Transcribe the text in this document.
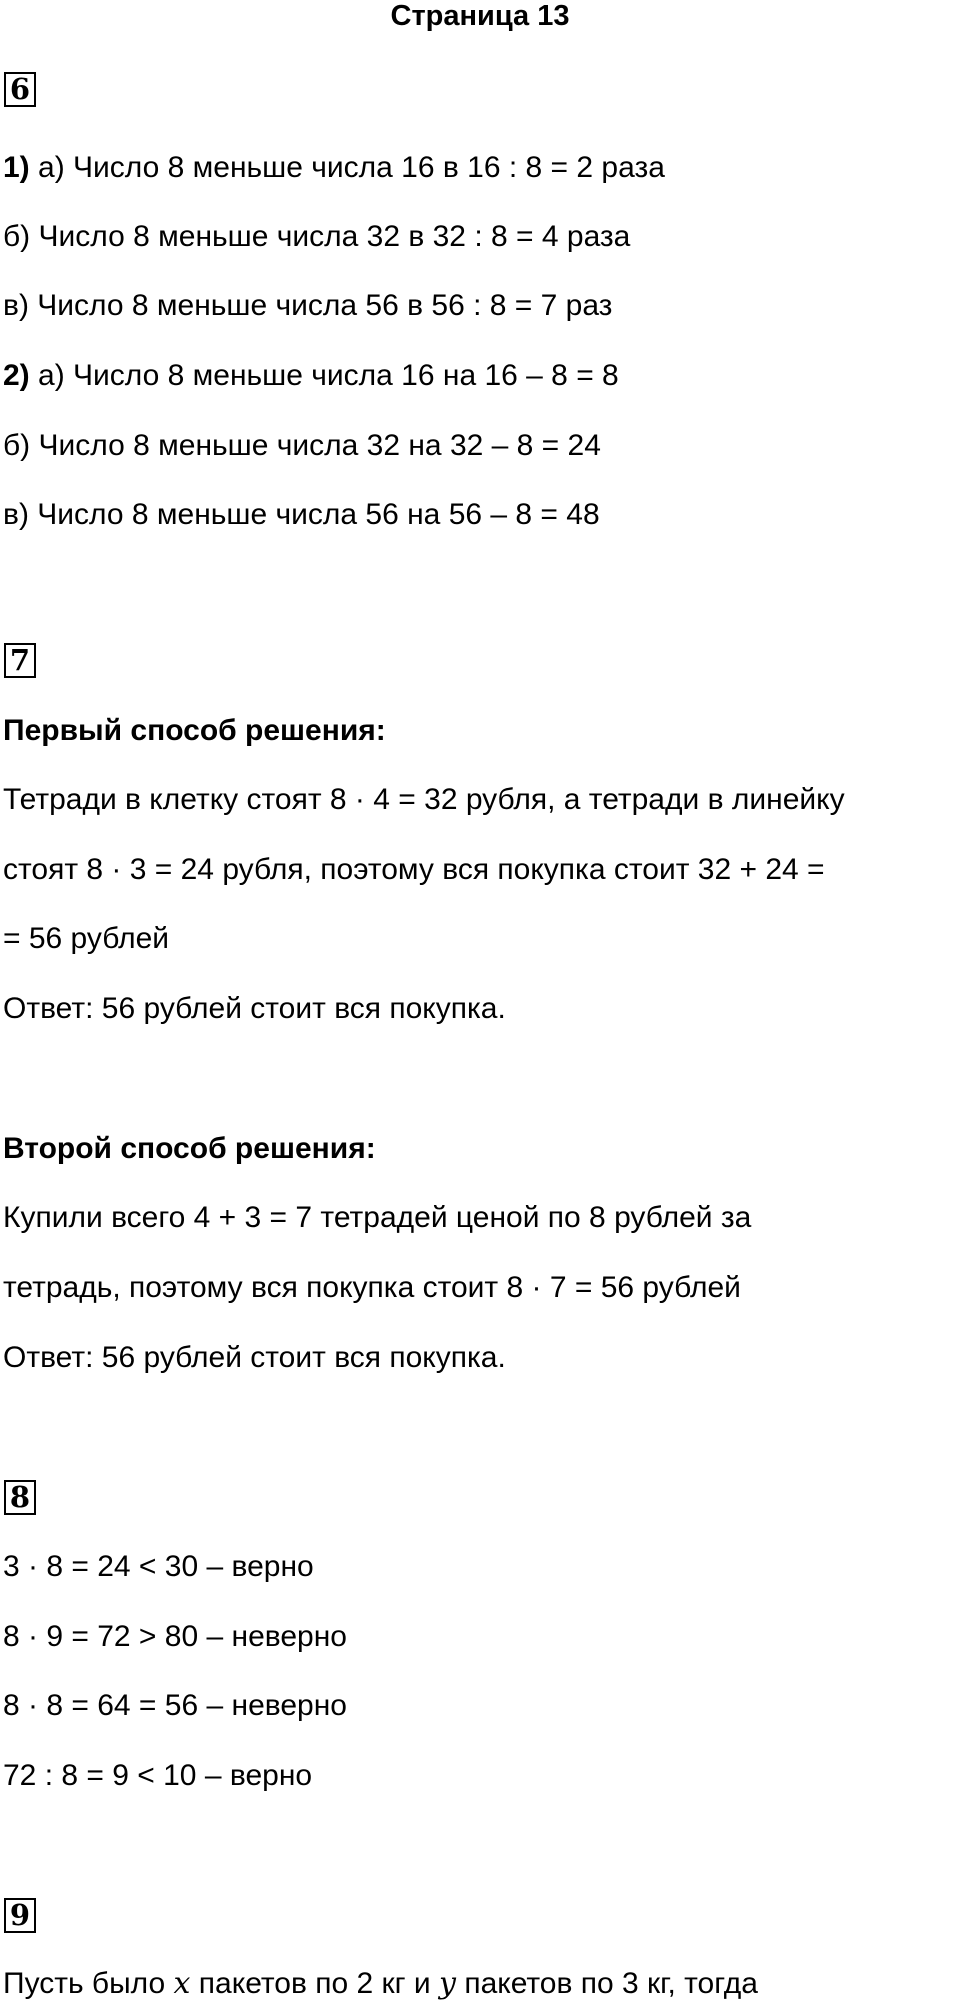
Страница 13
6
1) а) Число 8 меньше числа 16 в 16 : 8 = 2 раза
б) Число 8 меньше числа 32 в 32 : 8 = 4 раза
в) Число 8 меньше числа 56 в 56 : 8 = 7 раз
2) а) Число 8 меньше числа 16 на 16 – 8 = 8
б) Число 8 меньше числа 32 на 32 – 8 = 24
в) Число 8 меньше числа 56 на 56 – 8 = 48
7
Первый способ решения:
Тетради в клетку стоят 8 · 4 = 32 рубля, а тетради в линейку
стоят 8 · 3 = 24 рубля, поэтому вся покупка стоит 32 + 24 =
= 56 рублей
Ответ: 56 рублей стоит вся покупка.
Второй способ решения:
Купили всего 4 + 3 = 7 тетрадей ценой по 8 рублей за
тетрадь, поэтому вся покупка стоит 8 · 7 = 56 рублей
Ответ: 56 рублей стоит вся покупка.
8
3 · 8 = 24 < 30 – верно
8 · 9 = 72 > 80 – неверно
8 · 8 = 64 = 56 – неверно
72 : 8 = 9 < 10 – верно
9
Пусть было x пакетов по 2 кг и y пакетов по 3 кг, тогда
